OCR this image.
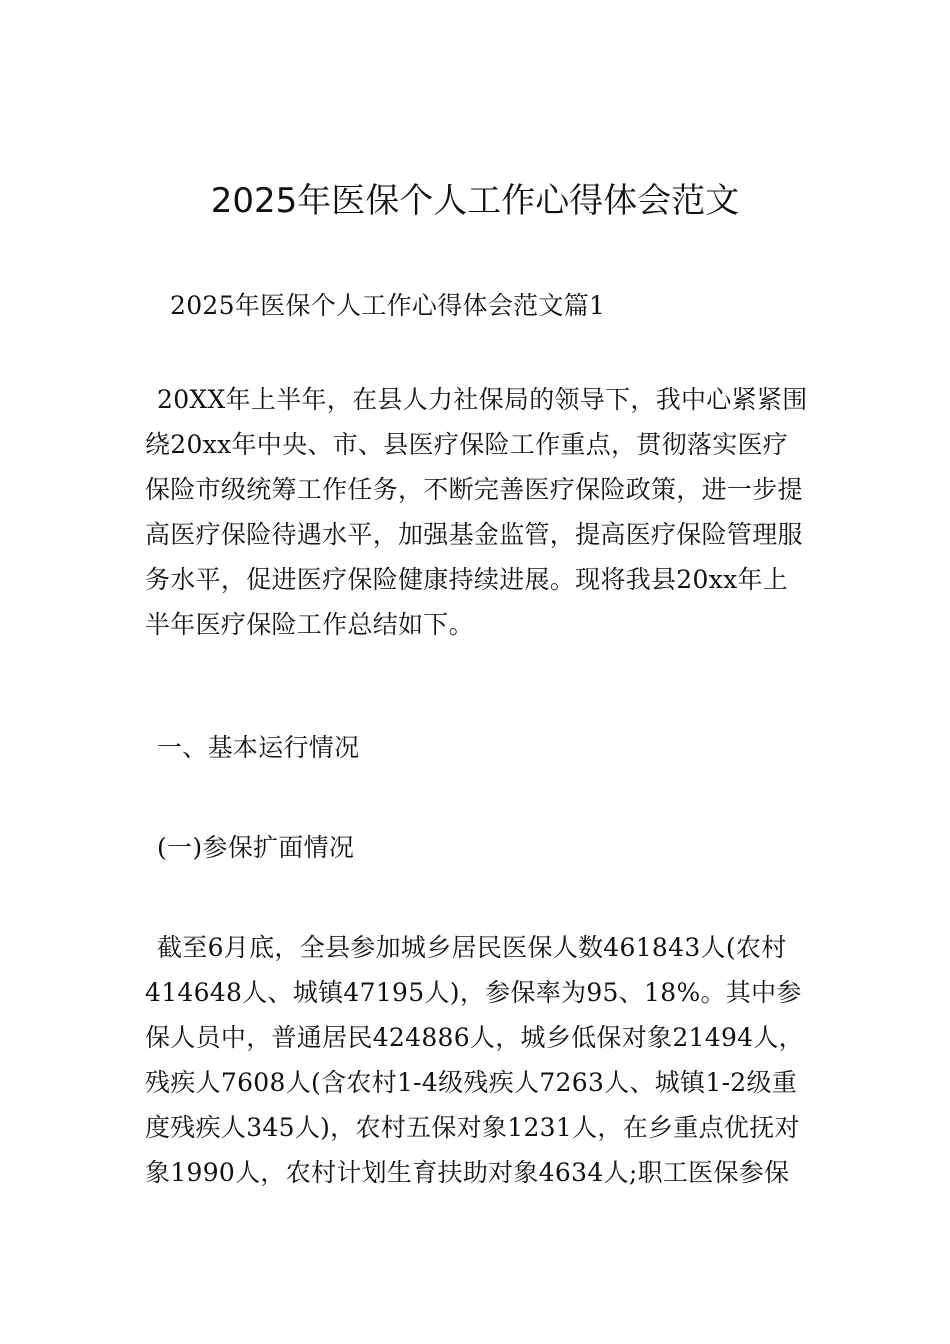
2025年医保个人工作心得体会范文

2025年医保个人工作心得体会范文篇1

20XX年上半年，在县人力社保局的领导下，我中心紧紧围绕20xx年中央、市、县医疗保险工作重点，贯彻落实医疗保险市级统筹工作任务，不断完善医疗保险政策，进一步提高医疗保险待遇水平，加强基金监管，提高医疗保险管理服务水平，促进医疗保险健康持续进展。现将我县20xx年上半年医疗保险工作总结如下。

一、基本运行情况

(一)参保扩面情况

截至6月底，全县参加城乡居民医保人数461843人(农村414648人、城镇47195人)，参保率为95、18%。其中参保人员中，普通居民424886人，城乡低保对象21494人，残疾人7608人(含农村1-4级残疾人7263人、城镇1-2级重度残疾人345人)，农村五保对象1231人，在乡重点优抚对象1990人，农村计划生育扶助对象4634人;职工医保参保
